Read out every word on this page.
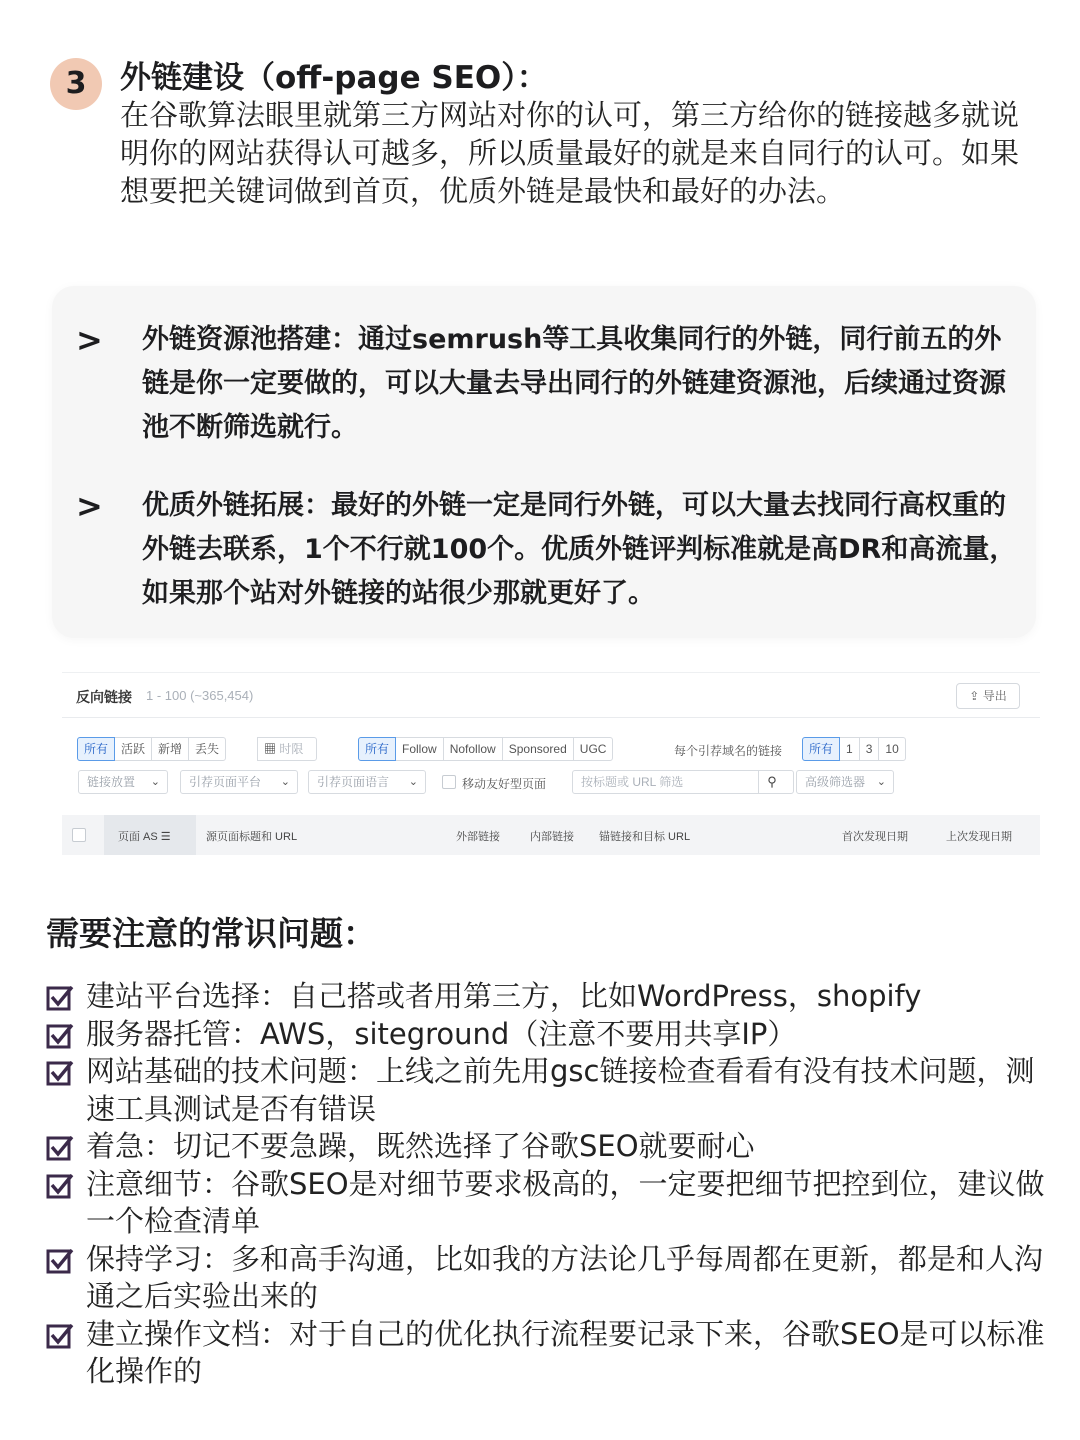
3	外链建设（off-page SEO）：
在谷歌算法眼里就第三方网站对你的认可，第三方给你的链接越多就说明你的网站获得认可越多，所以质量最好的就是来自同行的认可。如果想要把关键词做到首页，优质外链是最快和最好的办法。
> 外链资源池搭建：通过semrush等工具收集同行的外链，同行前五的外链是你一定要做的，可以大量去导出同行的外链建资源池，后续通过资源池不断筛选就行。
> 优质外链拓展：最好的外链一定是同行外链，可以大量去找同行高权重的外链去联系，1个不行就100个。优质外链评判标准就是高DR和高流量，如果那个站对外链接的站很少那就更好了。
反向链接 1 - 100 (~365,454)	⇪ 导出
所有	活跃	新增	丢失	▦ 时限	所有	Follow	Nofollow	Sponsored	UGC	每个引荐域名的链接	所有	1	3	10
链接放置 ⌄	引荐页面平台 ⌄	引荐页面语言 ⌄	移动友好型页面	按标题或 URL 筛选	⚲	高级筛选器 ⌄
页面 AS ☰	源页面标题和 URL	外部链接	内部链接 锚链接和目标 URL	首次发现日期	上次发现日期
需要注意的常识问题：
建站平台选择：自己搭或者用第三方，比如WordPress，shopify
服务器托管：AWS，siteground（注意不要用共享IP）
网站基础的技术问题：上线之前先用gsc链接检查看看有没有技术问题，测速工具测试是否有错误
着急：切记不要急躁，既然选择了谷歌SEO就要耐心
注意细节：谷歌SEO是对细节要求极高的，一定要把细节把控到位，建议做一个检查清单
保持学习：多和高手沟通，比如我的方法论几乎每周都在更新，都是和人沟通之后实验出来的
建立操作文档：对于自己的优化执行流程要记录下来，谷歌SEO是可以标准化操作的
